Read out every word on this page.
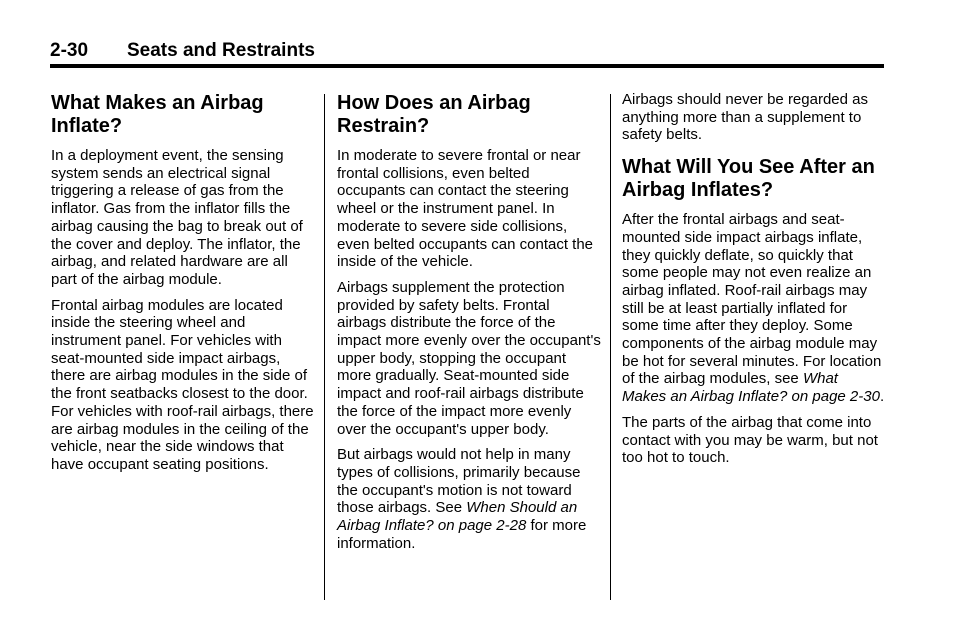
2-30 Seats and Restraints
What Makes an Airbag Inflate?

In a deployment event, the sensing system sends an electrical signal triggering a release of gas from the inflator. Gas from the inflator fills the airbag causing the bag to break out of the cover and deploy. The inflator, the airbag, and related hardware are all part of the airbag module.

Frontal airbag modules are located inside the steering wheel and instrument panel. For vehicles with seat-mounted side impact airbags, there are airbag modules in the side of the front seatbacks closest to the door. For vehicles with roof-rail airbags, there are airbag modules in the ceiling of the vehicle, near the side windows that have occupant seating positions.

How Does an Airbag Restrain?

In moderate to severe frontal or near frontal collisions, even belted occupants can contact the steering wheel or the instrument panel. In moderate to severe side collisions, even belted occupants can contact the inside of the vehicle.

Airbags supplement the protection provided by safety belts. Frontal airbags distribute the force of the impact more evenly over the occupant's upper body, stopping the occupant more gradually. Seat-mounted side impact and roof-rail airbags distribute the force of the impact more evenly over the occupant's upper body.

But airbags would not help in many types of collisions, primarily because the occupant's motion is not toward those airbags. See When Should an Airbag Inflate? on page 2-28 for more information.

Airbags should never be regarded as anything more than a supplement to safety belts.

What Will You See After an Airbag Inflates?

After the frontal airbags and seat-mounted side impact airbags inflate, they quickly deflate, so quickly that some people may not even realize an airbag inflated. Roof-rail airbags may still be at least partially inflated for some time after they deploy. Some components of the airbag module may be hot for several minutes. For location of the airbag modules, see What Makes an Airbag Inflate? on page 2-30.

The parts of the airbag that come into contact with you may be warm, but not too hot to touch.
